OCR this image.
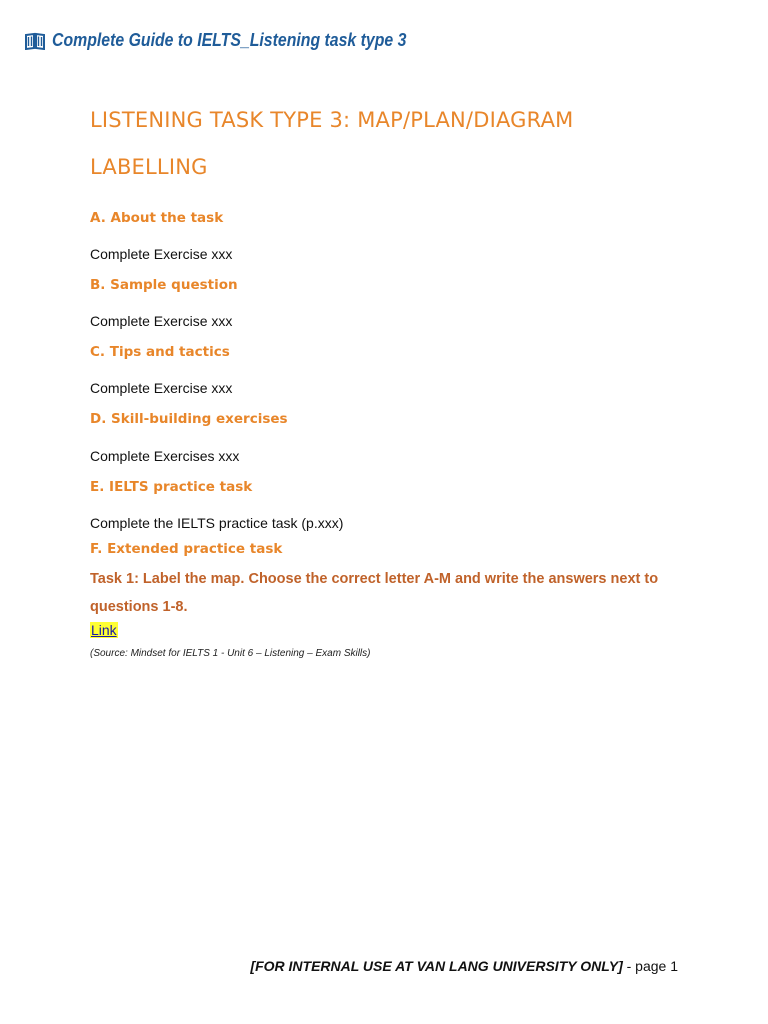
Complete Guide to IELTS_Listening task type 3
LISTENING TASK TYPE 3: MAP/PLAN/DIAGRAM
LABELLING
A. About the task
Complete Exercise xxx
B. Sample question
Complete Exercise xxx
C. Tips and tactics
Complete Exercise xxx
D. Skill-building exercises
Complete Exercises xxx
E. IELTS practice task
Complete the IELTS practice task (p.xxx)
F. Extended practice task
Task 1: Label the map. Choose the correct letter A-M and write the answers next to questions 1-8.
Link
(Source: Mindset for IELTS 1 - Unit 6 – Listening – Exam Skills)
[FOR INTERNAL USE AT VAN LANG UNIVERSITY ONLY] - page 1
